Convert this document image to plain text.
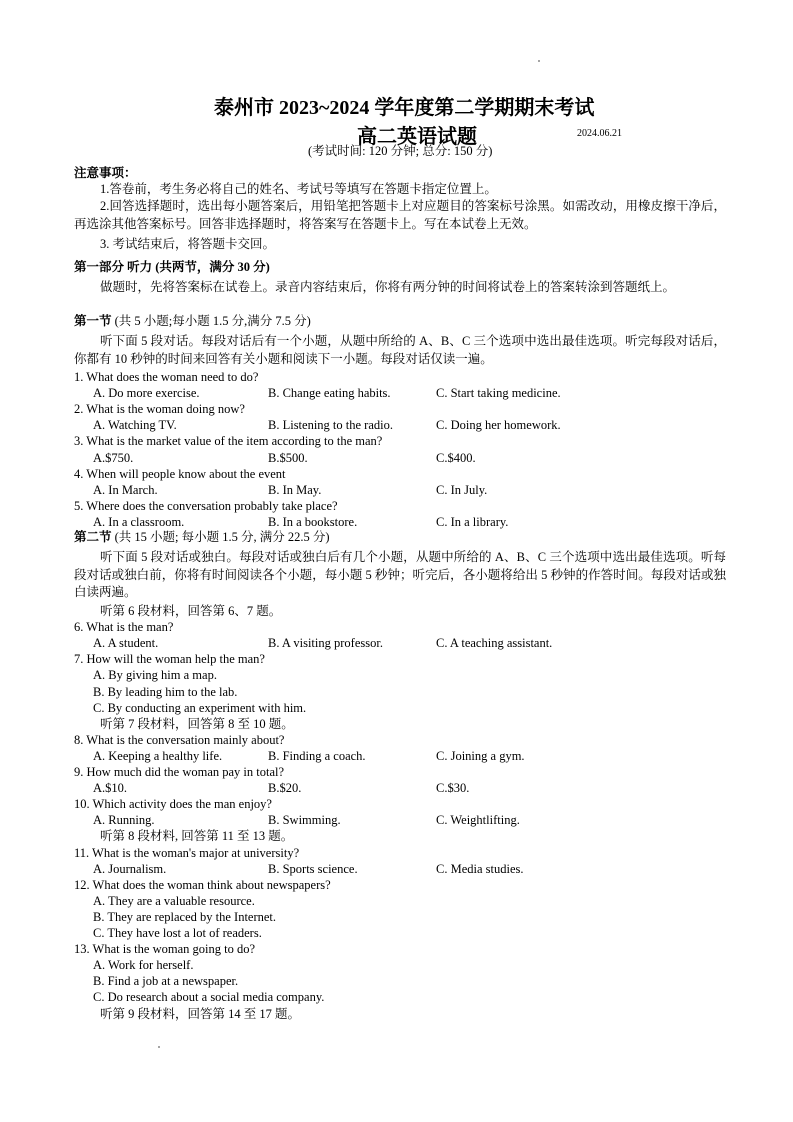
泰州市 2023~2024 学年度第二学期期末考试
高二英语试题	2024.06.21
(考试时间: 120 分钟; 总分: 150 分)
注意事项：
1.答卷前，考生务必将自己的姓名、考试号等填写在答题卡指定位置上。
2.回答选择题时，选出每小题答案后，用铅笔把答题卡上对应题目的答案标号涂黑。如需改动，用橡皮擦干净后，再选涂其他答案标号。回答非选择题时，将答案写在答题卡上。写在本试卷上无效。
3. 考试结束后，将答题卡交回。
第一部分 听力 (共两节，满分 30 分)
做题时，先将答案标在试卷上。录音内容结束后，你将有两分钟的时间将试卷上的答案转涂到答题纸上。
第一节 (共 5 小题;每小题 1.5 分,满分 7.5 分)
听下面 5 段对话。每段对话后有一个小题，从题中所给的 A、B、C 三个选项中选出最佳选项。听完每段对话后，你都有 10 秒钟的时间来回答有关小题和阅读下一小题。每段对话仅读一遍。
1. What does the woman need to do?
A. Do more exercise.	B. Change eating habits.	C. Start taking medicine.
2. What is the woman doing now?
A. Watching TV.	B. Listening to the radio.	C. Doing her homework.
3. What is the market value of the item according to the man?
A.$750.	B.$500.	C.$400.
4. When will people know about the event
A. In March.	B. In May.	C. In July.
5. Where does the conversation probably take place?
A. In a classroom.	B. In a bookstore.	C. In a library.
第二节 (共 15 小题; 每小题 1.5 分, 满分 22.5 分)
听下面 5 段对话或独白。每段对话或独白后有几个小题，从题中所给的 A、B、C 三个选项中选出最佳选项。听每段对话或独白前，你将有时间阅读各个小题，每小题 5 秒钟；听完后，各小题将给出 5 秒钟的作答时间。每段对话或独白读两遍。
听第 6 段材料，回答第 6、7 题。
6. What is the man?
A. A student.	B. A visiting professor.	C. A teaching assistant.
7. How will the woman help the man?
A. By giving him a map.
B. By leading him to the lab.
C. By conducting an experiment with him.
听第 7 段材料，回答第 8 至 10 题。
8. What is the conversation mainly about?
A. Keeping a healthy life.	B. Finding a coach.	C. Joining a gym.
9. How much did the woman pay in total?
A.$10.	B.$20.	C.$30.
10. Which activity does the man enjoy?
A. Running.	B. Swimming.	C. Weightlifting.
听第 8 段材料, 回答第 11 至 13 题。
11. What is the woman's major at university?
A. Journalism.	B. Sports science.	C. Media studies.
12. What does the woman think about newspapers?
A. They are a valuable resource.
B. They are replaced by the Internet.
C. They have lost a lot of readers.
13. What is the woman going to do?
A. Work for herself.
B. Find a job at a newspaper.
C. Do research about a social media company.
听第 9 段材料，回答第 14 至 17 题。
